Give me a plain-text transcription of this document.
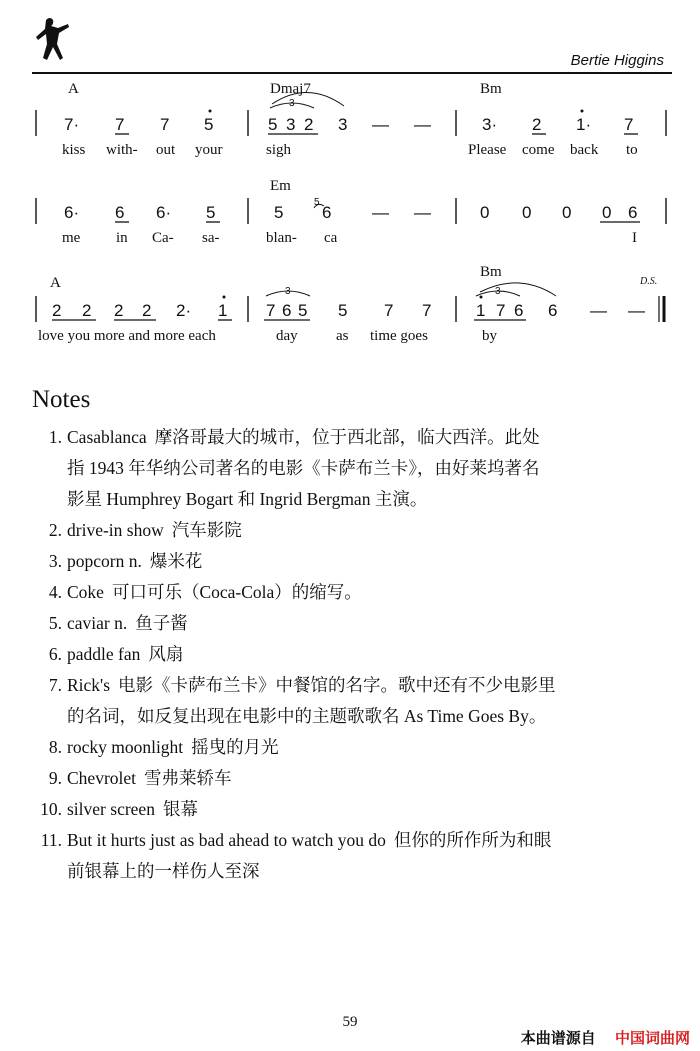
Bertie Higgins
A	Dmaj7	Bm
Em
A
Bm
7· 7 7 5	5 3 2 3 — —
3
3· 2 1· 7
kiss with- out your	sigh	Please come back to
6· 6 6· 5	5
5
6 — —	0 0 0 0 6
me in Ca- sa-	blan- ca	I
2 2 2 2 2· 1 7 6 5 5 7 7
3
1 7 6 6 — —
3
D.S.
love you more and more each	day	as time goes	by
Notes
1. Casablanca 摩洛哥最大的城市，位于西北部，临大西洋。此处
指 1943 年华纳公司著名的电影《卡萨布兰卡》，由好莱坞著名
影星 Humphrey Bogart 和 Ingrid Bergman 主演。
2. drive-in show 汽车影院
3. popcorn n. 爆米花
4. Coke 可口可乐（Coca-Cola）的缩写。
5. caviar n. 鱼子酱
6. paddle fan 风扇
7. Rick's 电影《卡萨布兰卡》中餐馆的名字。歌中还有不少电影里
的名词，如反复出现在电影中的主题歌歌名 As Time Goes By。
8. rocky moonlight 摇曳的月光
9. Chevrolet 雪弗莱轿车
10. silver screen 银幕
11. But it hurts just as bad ahead to watch you do 但你的所作所为和眼
前银幕上的一样伤人至深
59
本曲谱源自 中国词曲网
